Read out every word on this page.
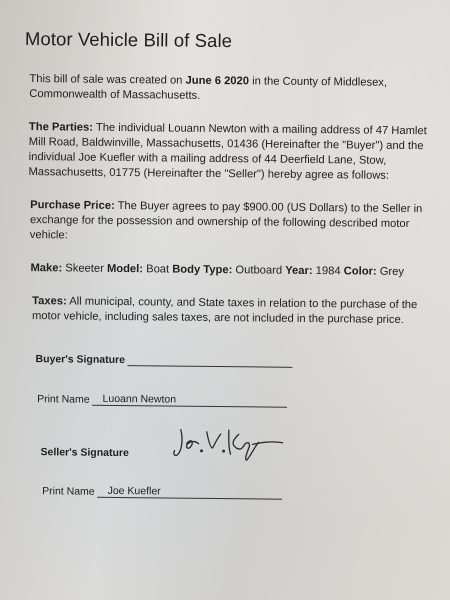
Motor Vehicle Bill of Sale

This bill of sale was created on June 6 2020 in the County of Middlesex, Commonwealth of Massachusetts.

The Parties: The individual Louann Newton with a mailing address of 47 Hamlet Mill Road, Baldwinville, Massachusetts, 01436 (Hereinafter the "Buyer") and the individual Joe Kuefler with a mailing address of 44 Deerfield Lane, Stow, Massachusetts, 01775 (Hereinafter the "Seller") hereby agree as follows:

Purchase Price: The Buyer agrees to pay $900.00 (US Dollars) to the Seller in exchange for the possession and ownership of the following described motor vehicle:

Make: Skeeter Model: Boat Body Type: Outboard Year: 1984 Color: Grey

Taxes: All municipal, county, and State taxes in relation to the purchase of the motor vehicle, including sales taxes, are not included in the purchase price.

Buyer's Signature
Print Name Luoann Newton
Seller's Signature
Print Name Joe Kuefler
